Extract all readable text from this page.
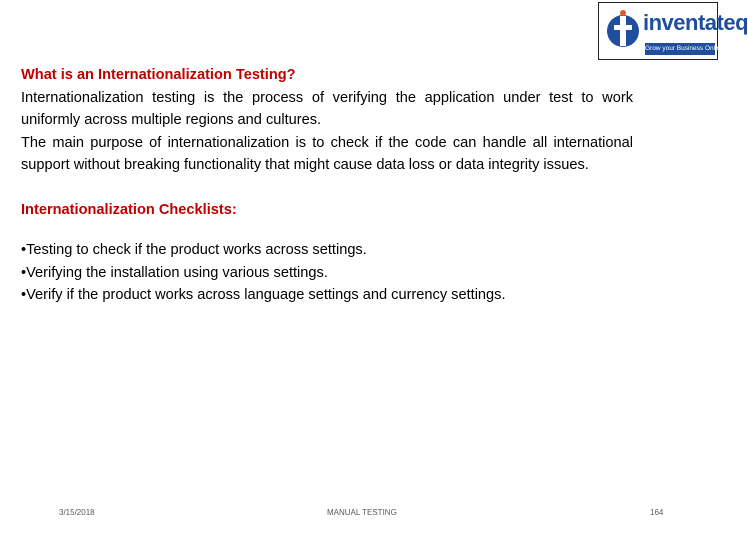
inventateq
Grow your Business Online
What is an Internationalization Testing?

Internationalization testing is the process of verifying the application under test to work uniformly across multiple regions and cultures.

The main purpose of internationalization is to check if the code can handle all international support without breaking functionality that might cause data loss or data integrity issues.

Internationalization Checklists:

•Testing to check if the product works across settings.

•Verifying the installation using various settings.

•Verify if the product works across language settings and currency settings.

3/15/2018	MANUAL TESTING	164
